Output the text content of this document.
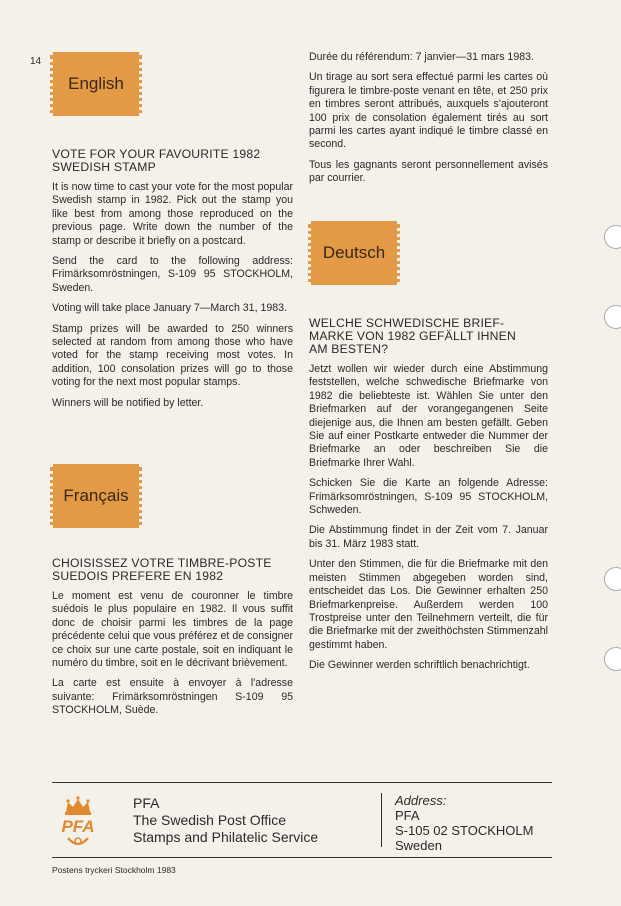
14
English
VOTE FOR YOUR FAVOURITE 1982
SWEDISH STAMP

It is now time to cast your vote for the most popular Swedish stamp in 1982. Pick out the stamp you like best from among those reproduced on the previous page. Write down the number of the stamp or describe it briefly on a postcard.

Send the card to the following address: Frimärksomröstningen, S-109 95 STOCKHOLM, Sweden.

Voting will take place January 7—March 31, 1983.

Stamp prizes will be awarded to 250 winners selected at random from among those who have voted for the stamp receiving most votes. In addition, 100 consolation prizes will go to those voting for the next most popular stamps.

Winners will be notified by letter.

Français
CHOISISSEZ VOTRE TIMBRE-POSTE
SUEDOIS PREFERE EN 1982

Le moment est venu de couronner le timbre suédois le plus populaire en 1982. Il vous suffit donc de choisir parmi les timbres de la page précédente celui que vous préférez et de consigner ce choix sur une carte postale, soit en indiquant le numéro du timbre, soit en le décrivant brièvement.

La carte est ensuite à envoyer à l'adresse suivante: Frimärksomröstningen S-109 95 STOCKHOLM, Suède.

Durée du référendum: 7 janvier—31 mars 1983.

Un tirage au sort sera effectué parmi les cartes où figurera le timbre-poste venant en tête, et 250 prix en timbres seront attribués, auxquels s'ajouteront 100 prix de consolation également tirés au sort parmi les cartes ayant indiqué le timbre classé en second.

Tous les gagnants seront personnellement avisés par courrier.

Deutsch
WELCHE SCHWEDISCHE BRIEF-
MARKE VON 1982 GEFÄLLT IHNEN
AM BESTEN?

Jetzt wollen wir wieder durch eine Abstimmung feststellen, welche schwedische Briefmarke von 1982 die beliebteste ist. Wählen Sie unter den Briefmarken auf der vorangegangenen Seite diejenige aus, die Ihnen am besten gefällt. Geben Sie auf einer Postkarte entweder die Nummer der Briefmarke an oder beschreiben Sie die Briefmarke Ihrer Wahl.

Schicken Sie die Karte an folgende Adresse: Frimärksomröstningen, S-109 95 STOCKHOLM, Schweden.

Die Abstimmung findet in der Zeit vom 7. Januar bis 31. März 1983 statt.

Unter den Stimmen, die für die Briefmarke mit den meisten Stimmen abgegeben worden sind, entscheidet das Los. Die Gewinner erhalten 250 Briefmarkenpreise. Außerdem werden 100 Trostpreise unter den Teilnehmern verteilt, die für die Briefmarke mit der zweithöchsten Stimmenzahl gestimmt haben.

Die Gewinner werden schriftlich benachrichtigt.

PFA
PFA
The Swedish Post Office
Stamps and Philatelic Service
Address:
PFA
S-105 02 STOCKHOLM
Sweden
Postens tryckeri Stockholm 1983
